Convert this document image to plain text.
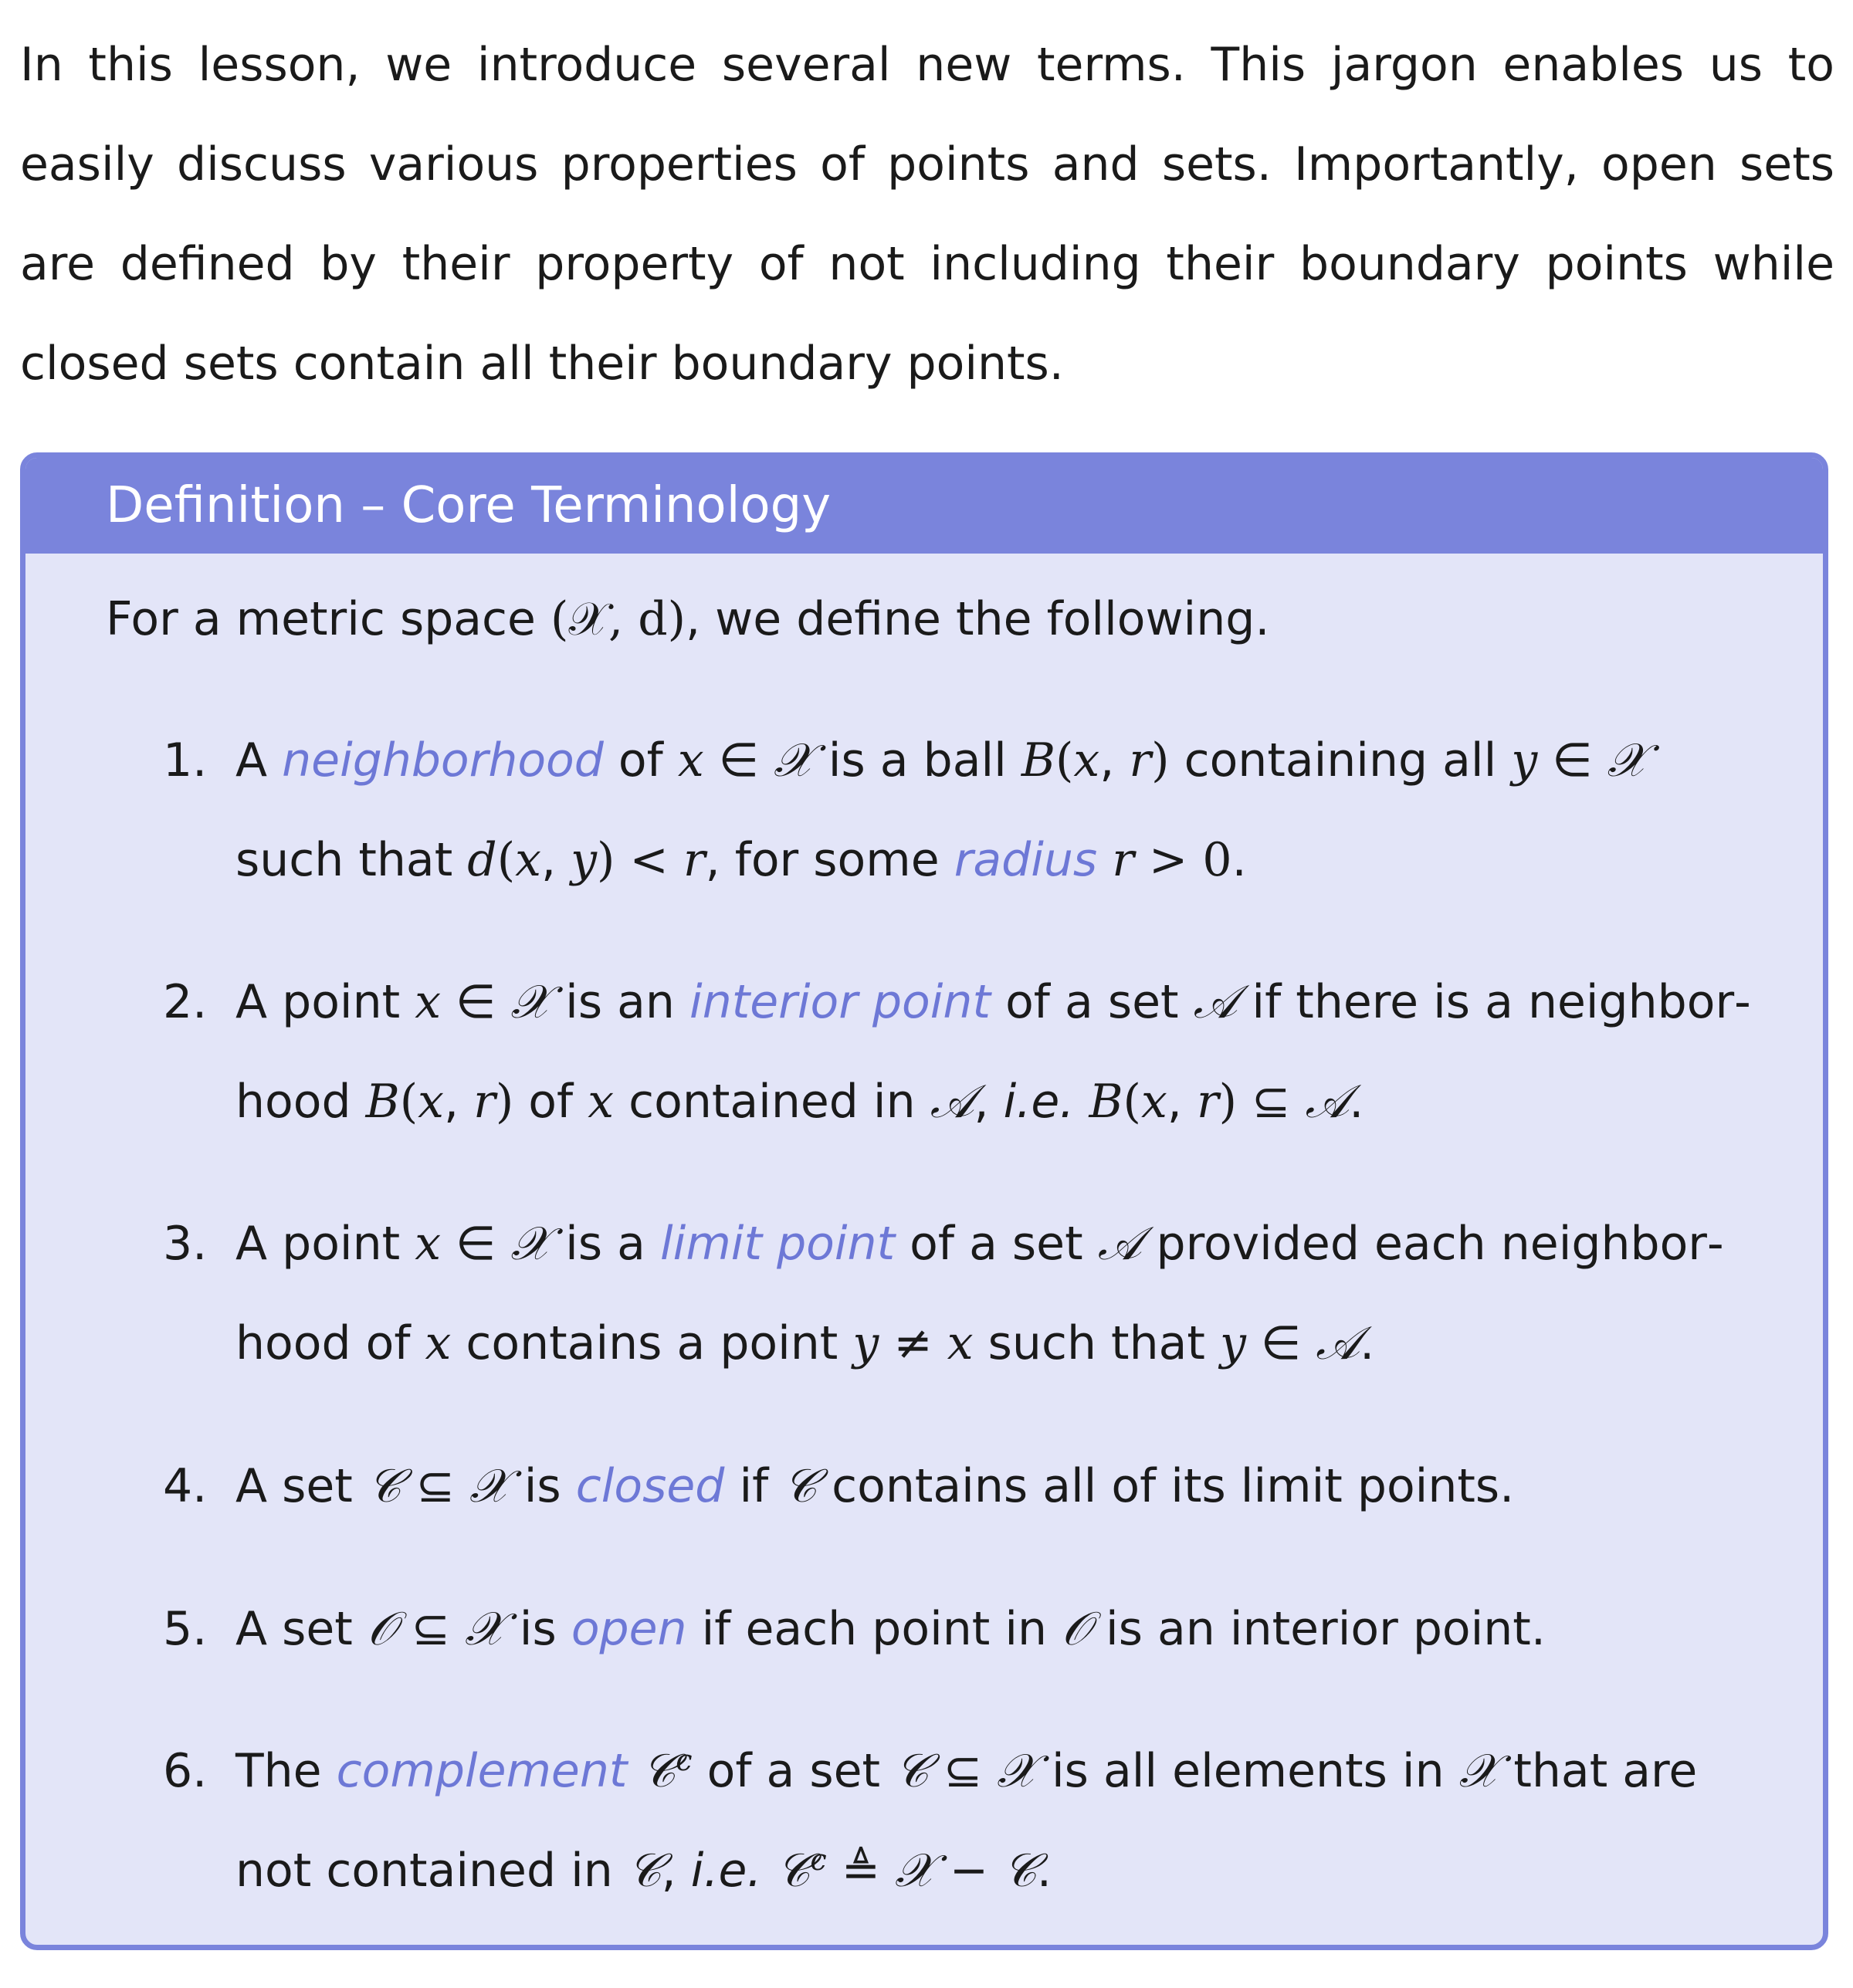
In this lesson, we introduce several new terms. This jargon enables us to easily discuss various properties of points and sets. Importantly, open sets are defined by their property of not including their boundary points while closed sets contain all their boundary points.

Definition – Core Terminology

For a metric space (𝒳, d), we define the following.

1. A neighborhood of x ∈ 𝒳 is a ball B(x, r) containing all y ∈ 𝒳 such that d(x, y) < r, for some radius r > 0.
2. A point x ∈ 𝒳 is an interior point of a set 𝒜 if there is a neighborhood B(x, r) of x contained in 𝒜, i.e. B(x, r) ⊆ 𝒜.
3. A point x ∈ 𝒳 is a limit point of a set 𝒜 provided each neighborhood of x contains a point y ≠ x such that y ∈ 𝒜.
4. A set 𝒞 ⊆ 𝒳 is closed if 𝒞 contains all of its limit points.
5. A set 𝒪 ⊆ 𝒳 is open if each point in 𝒪 is an interior point.
6. The complement 𝒞$^c$ of a set 𝒞 ⊆ 𝒳 is all elements in 𝒳 that are not contained in 𝒞, i.e. 𝒞$^c$ ≜ 𝒳 − 𝒞.
